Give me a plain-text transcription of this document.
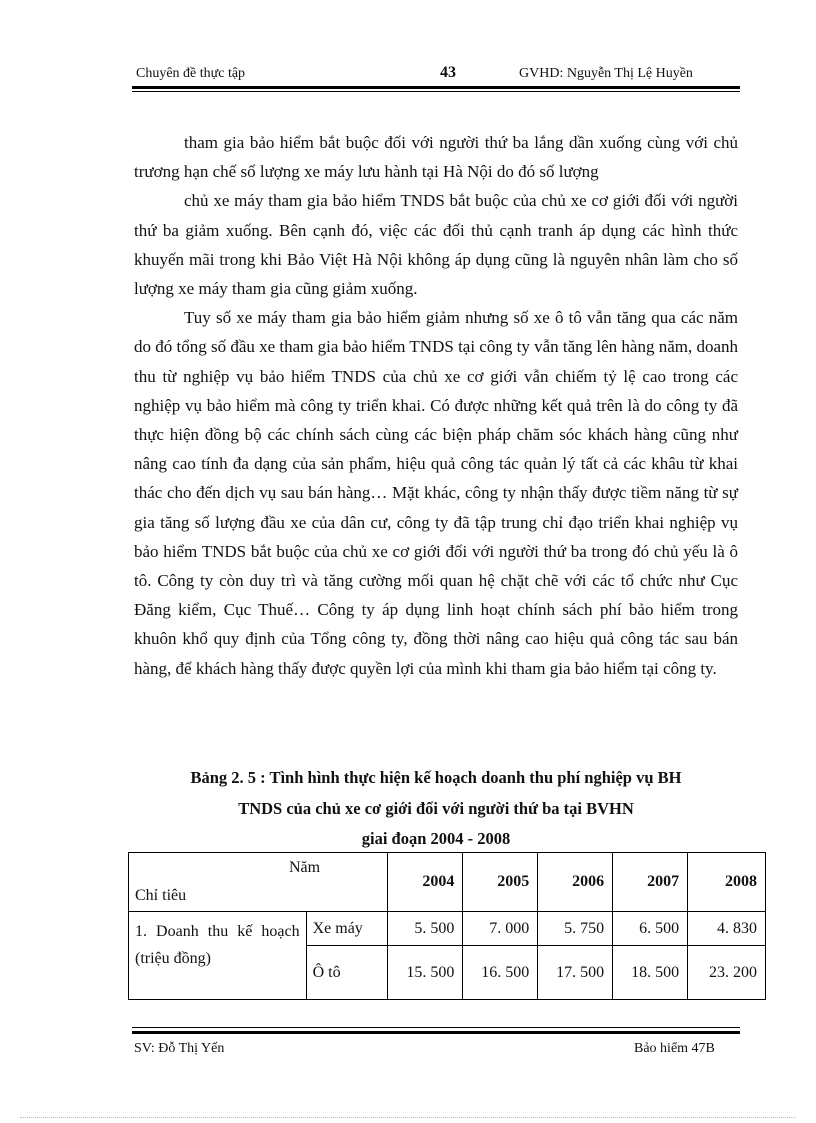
Chuyên đề thực tập	43	GVHD: Nguyễn Thị Lệ Huyền

tham gia bảo hiểm bắt buộc đối với người thứ ba lắng dần xuống cùng với chủ trương hạn chế số lượng xe máy lưu hành tại Hà Nội do đó số lượng

chủ xe máy tham gia bảo hiểm TNDS bắt buộc của chủ xe cơ giới đối với người thứ ba giảm xuống. Bên cạnh đó, việc các đối thủ cạnh tranh áp dụng các hình thức khuyến mãi trong khi Bảo Việt Hà Nội không áp dụng cũng là nguyên nhân làm cho số lượng xe máy tham gia cũng giảm xuống.

Tuy số xe máy tham gia bảo hiểm giảm nhưng số xe ô tô vẫn tăng qua các năm do đó tổng số đầu xe tham gia bảo hiểm TNDS tại công ty vẫn tăng lên hàng năm, doanh thu từ nghiệp vụ bảo hiểm TNDS của chủ xe cơ giới vẫn chiếm tỷ lệ cao trong các nghiệp vụ bảo hiểm mà công ty triển khai. Có được những kết quả trên là do công ty đã thực hiện đồng bộ các chính sách cùng các biện pháp chăm sóc khách hàng cũng như nâng cao tính đa dạng của sản phẩm, hiệu quả công tác quản lý tất cả các khâu từ khai thác cho đến dịch vụ sau bán hàng… Mặt khác, công ty nhận thấy được tiềm năng từ sự gia tăng số lượng đầu xe của dân cư, công ty đã tập trung chỉ đạo triển khai nghiệp vụ bảo hiểm TNDS bắt buộc của chủ xe cơ giới đối với người thứ ba trong đó chủ yếu là ô tô. Công ty còn duy trì và tăng cường mối quan hệ chặt chẽ với các tổ chức như Cục Đăng kiểm, Cục Thuế… Công ty áp dụng linh hoạt chính sách phí bảo hiểm trong khuôn khổ quy định của Tổng công ty, đồng thời nâng cao hiệu quả công tác sau bán hàng, để khách hàng thấy được quyền lợi của mình khi tham gia bảo hiểm tại công ty.

Bảng 2. 5 : Tình hình thực hiện kế hoạch doanh thu phí nghiệp vụ BH
TNDS của chủ xe cơ giới đối với người thứ ba tại BVHN
giai đoạn 2004 - 2008
Năm
Chỉ tiêu		2004	2005	2006	2007	2008
1. Doanh thu kế hoạch (triệu đồng)	Xe máy	5. 500	7. 000	5. 750	6. 500	4. 830
	Ô tô	15. 500	16. 500	17. 500	18. 500	23. 200
SV: Đỗ Thị Yến	Bảo hiểm 47B
